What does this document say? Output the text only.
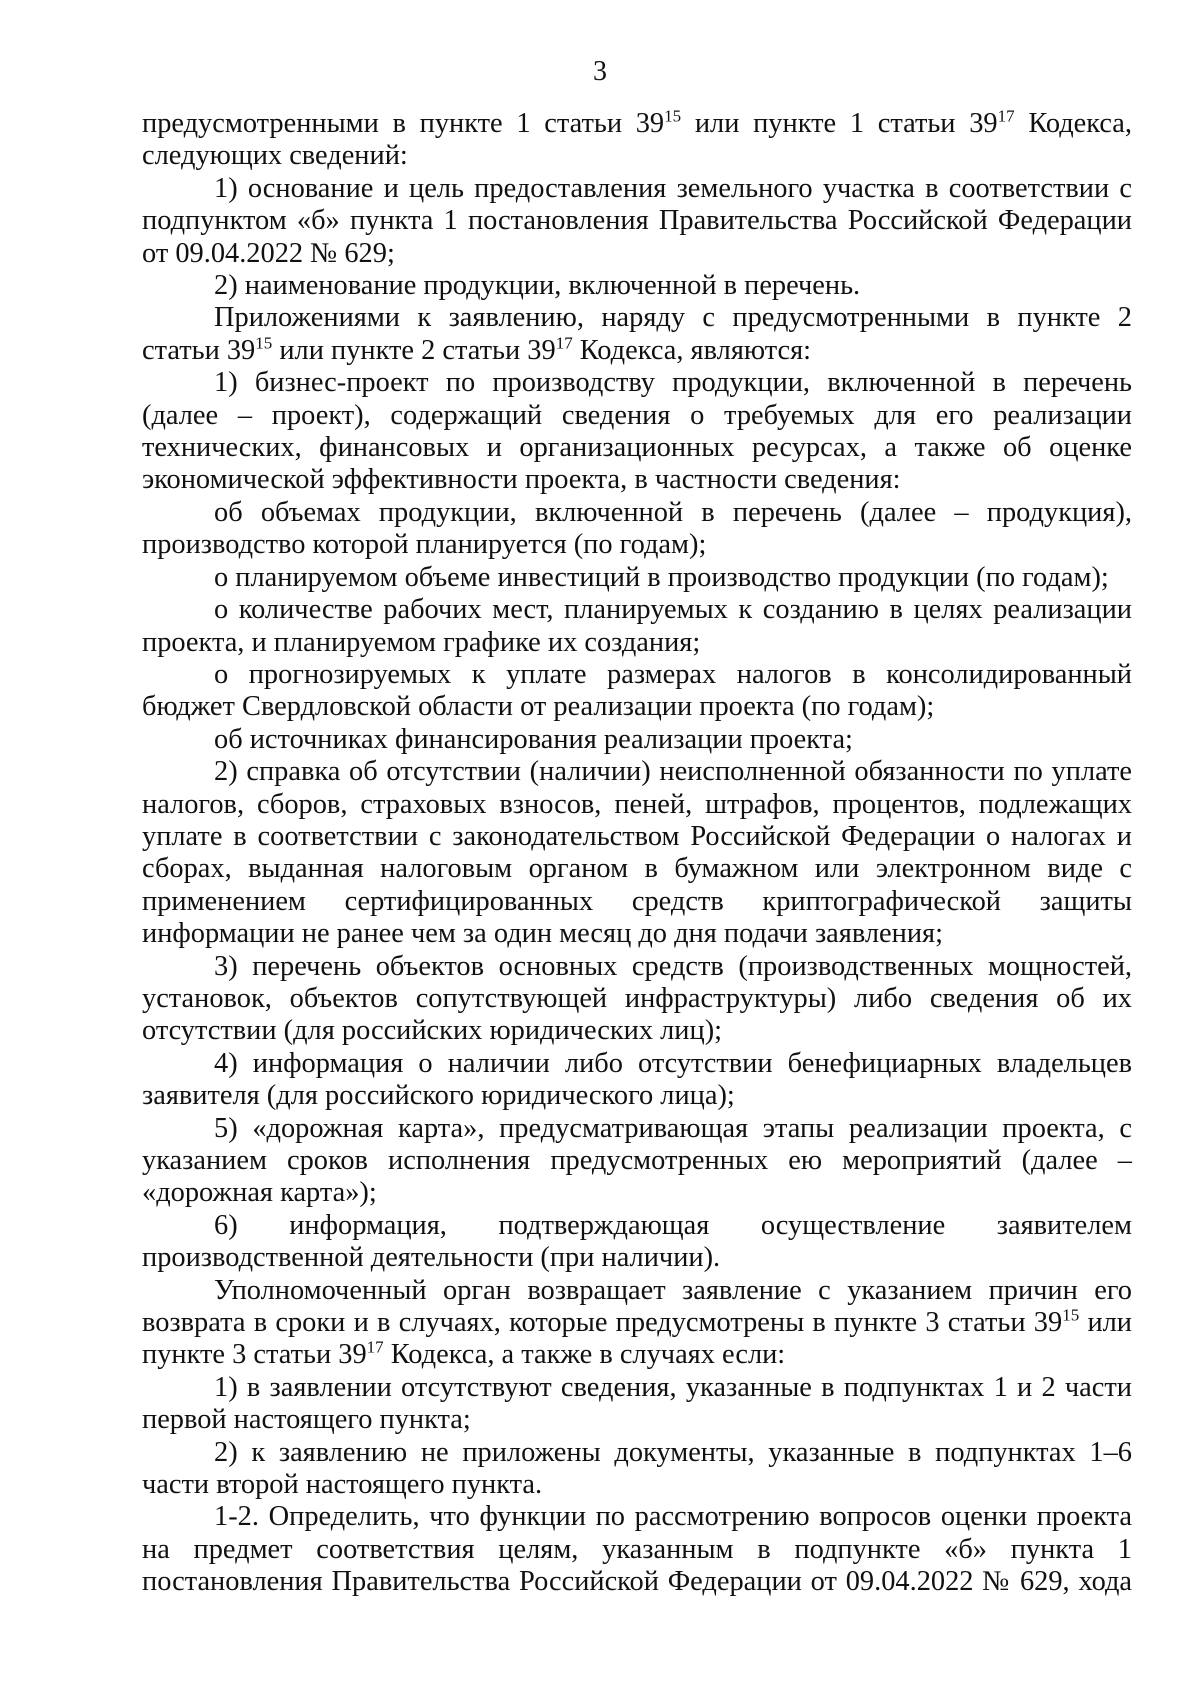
3

предусмотренными в пункте 1 статьи $39^{15}$ или пункте 1 статьи $39^{17}$ Кодекса, следующих сведений:

1) основание и цель предоставления земельного участка в соответствии с подпунктом «б» пункта 1 постановления Правительства Российской Федерации от 09.04.2022 № 629;

2) наименование продукции, включенной в перечень.

Приложениями к заявлению, наряду с предусмотренными в пункте 2 статьи $39^{15}$ или пункте 2 статьи $39^{17}$ Кодекса, являются:

1) бизнес-проект по производству продукции, включенной в перечень (далее – проект), содержащий сведения о требуемых для его реализации технических, финансовых и организационных ресурсах, а также об оценке экономической эффективности проекта, в частности сведения:

об объемах продукции, включенной в перечень (далее – продукция), производство которой планируется (по годам);

о планируемом объеме инвестиций в производство продукции (по годам);

о количестве рабочих мест, планируемых к созданию в целях реализации проекта, и планируемом графике их создания;

о прогнозируемых к уплате размерах налогов в консолидированный бюджет Свердловской области от реализации проекта (по годам);

об источниках финансирования реализации проекта;

2) справка об отсутствии (наличии) неисполненной обязанности по уплате налогов, сборов, страховых взносов, пеней, штрафов, процентов, подлежащих уплате в соответствии с законодательством Российской Федерации о налогах и сборах, выданная налоговым органом в бумажном или электронном виде с применением сертифицированных средств криптографической защиты информации не ранее чем за один месяц до дня подачи заявления;

3) перечень объектов основных средств (производственных мощностей, установок, объектов сопутствующей инфраструктуры) либо сведения об их отсутствии (для российских юридических лиц);

4) информация о наличии либо отсутствии бенефициарных владельцев заявителя (для российского юридического лица);

5) «дорожная карта», предусматривающая этапы реализации проекта, с указанием сроков исполнения предусмотренных ею мероприятий (далее – «дорожная карта»);

6) информация, подтверждающая осуществление заявителем производственной деятельности (при наличии).

Уполномоченный орган возвращает заявление с указанием причин его возврата в сроки и в случаях, которые предусмотрены в пункте 3 статьи $39^{15}$ или пункте 3 статьи $39^{17}$ Кодекса, а также в случаях если:

1) в заявлении отсутствуют сведения, указанные в подпунктах 1 и 2 части первой настоящего пункта;

2) к заявлению не приложены документы, указанные в подпунктах 1–6 части второй настоящего пункта.

1-2. Определить, что функции по рассмотрению вопросов оценки проекта на предмет соответствия целям, указанным в подпункте «б» пункта 1 постановления Правительства Российской Федерации от 09.04.2022 № 629, хода
